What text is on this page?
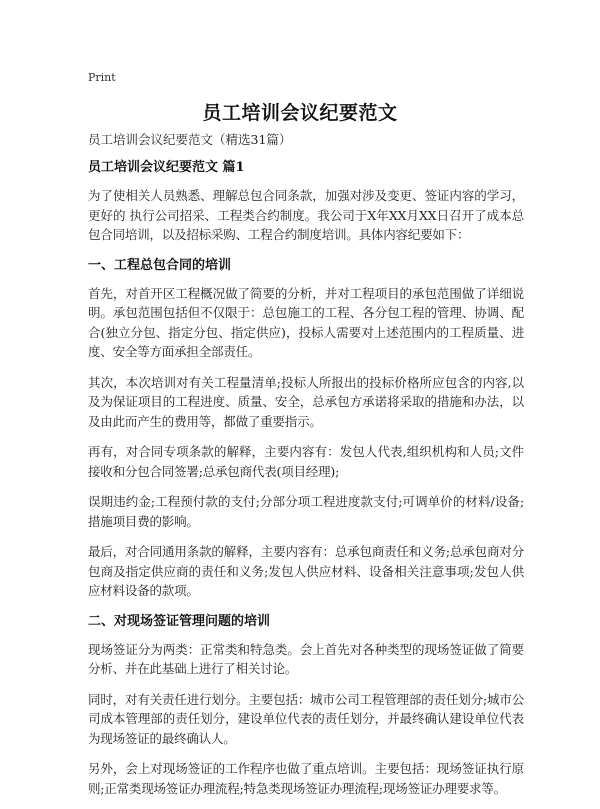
Print
员工培训会议纪要范文
员工培训会议纪要范文（精选31篇）
员工培训会议纪要范文 篇1
为了使相关人员熟悉、理解总包合同条款，加强对涉及变更、签证内容的学习，更好的 执行公司招采、工程类合约制度。我公司于X年XX月XX日召开了成本总包合同培训，以及招标采购、工程合约制度培训。具体内容纪要如下：
一、工程总包合同的培训
首先，对首开区工程概况做了简要的分析，并对工程项目的承包范围做了详细说明。承包范围包括但不仅限于：总包施工的工程、各分包工程的管理、协调、配合(独立分包、指定分包、指定供应)，投标人需要对上述范围内的工程质量、进度、安全等方面承担全部责任。
其次，本次培训对有关工程量清单;投标人所报出的投标价格所应包含的内容,以及为保证项目的工程进度、质量、安全，总承包方承诺将采取的措施和办法，以及由此而产生的费用等，都做了重要指示。
再有，对合同专项条款的解释，主要内容有：发包人代表,组织机构和人员;文件接收和分包合同签署;总承包商代表(项目经理);
误期违约金;工程预付款的支付;分部分项工程进度款支付;可调单价的材料/设备;措施项目费的影响。
最后，对合同通用条款的解释，主要内容有：总承包商责任和义务;总承包商对分包商及指定供应商的责任和义务;发包人供应材料、设备相关注意事项;发包人供应材料设备的款项。
二、对现场签证管理问题的培训
现场签证分为两类：正常类和特急类。会上首先对各种类型的现场签证做了简要分析、并在此基础上进行了相关讨论。
同时，对有关责任进行划分。主要包括：城市公司工程管理部的责任划分;城市公司成本管理部的责任划分，建设单位代表的责任划分，并最终确认建设单位代表为现场签证的最终确认人。
另外，会上对现场签证的工作程序也做了重点培训。主要包括：现场签证执行原则;正常类现场签证办理流程;特急类现场签证办理流程;现场签证办理要求等。
